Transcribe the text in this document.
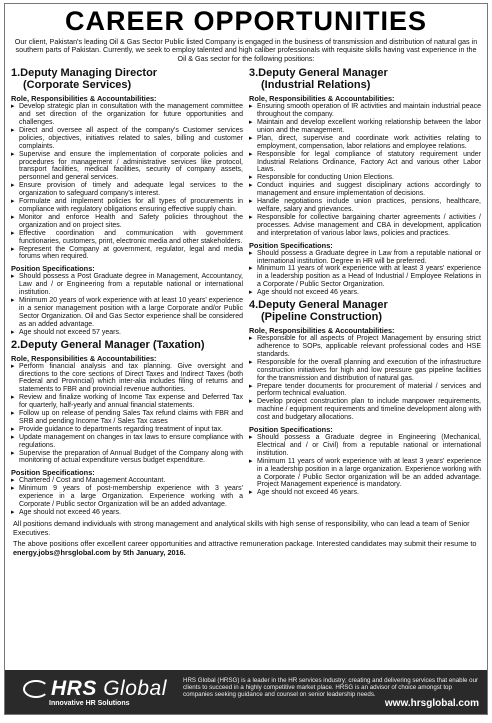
CAREER OPPORTUNITIES
Our client, Pakistan's leading Oil & Gas Sector Public listed Company is engaged in the business of transmission and distribution of natural gas in southern parts of Pakistan. Currently, we seek to employ talented and high caliber professionals with requisite skills having vast experience in the Oil & Gas sector for the following positions:
1.Deputy Managing Director
(Corporate Services)
Role, Responsibilities & Accountabilities:
▸ Develop strategic plan in consultation with the management committee and set direction of the organization for future opportunities and challenges.
▸ Direct and oversee all aspect of the company's Customer services policies, objectives, initiatives related to sales, billing and customer complaints.
▸ Supervise and ensure the implementation of corporate policies and procedures for management / administrative services like protocol, transport facilities, medical facilities, security of company assets, personnel and general services.
▸ Ensure provision of timely and adequate legal services to the organization to safeguard company's interest.
▸ Formulate and implement policies for all types of procurements in compliance with regulatory obligations ensuring effective supply chain.
▸ Monitor and enforce Health and Safety policies throughout the organization and on project sites.
▸ Effective coordination and communication with government functionaries, customers, print, electronic media and other stakeholders.
▸ Represent the Company at government, regulator, legal and media forums when required.
Position Specifications:
▸ Should possess a Post Graduate degree in Management, Accountancy, Law and / or Engineering from a reputable national or international institution.
▸ Minimum 20 years of work experience with at least 10 years' experience in a senior management position with a large Corporate and/or Public Sector Organization. Oil and Gas Sector experience shall be considered as an added advantage.
▸ Age should not exceed 57 years.
2.Deputy General Manager (Taxation)
Role, Responsibilities & Accountabilities:
▸ Perform financial analysis and tax planning. Give oversight and directions to the core sections of Direct Taxes and Indirect Taxes (both Federal and Provincial) which inter-alia includes filing of returns and statements to FBR and provincial revenue authorities.
▸ Review and finalize working of Income Tax expense and Deferred Tax for quarterly, half-yearly and annual financial statements.
▸ Follow up on release of pending Sales Tax refund claims with FBR and SRB and pending Income Tax / Sales Tax cases
▸ Provide guidance to departments regarding treatment of input tax.
▸ Update management on changes in tax laws to ensure compliance with regulations.
▸ Supervise the preparation of Annual Budget of the Company along with monitoring of actual expenditure versus budget expenditure.
Position Specifications:
▸ Chartered / Cost and Management Accountant.
▸ Minimum 9 years of post-membership experience with 3 years' experience in a large Organization. Experience working with a Corporate / Public sector Organization will be an added advantage.
▸ Age should not exceed 46 years.
3.Deputy General Manager
(Industrial Relations)
Role, Responsibilities & Accountabilities:
▸ Ensuring smooth operation of IR activities and maintain industrial peace throughout the company.
▸ Maintain and develop excellent working relationship between the labor union and the management.
▸ Plan, direct, supervise and coordinate work activities relating to employment, compensation, labor relations and employee relations.
▸ Responsible for legal compliance of statutory requirement under Industrial Relations Ordinance, Factory Act and various other Labor Laws.
▸ Responsible for conducting Union Elections.
▸ Conduct inquiries and suggest disciplinary actions accordingly to management and ensure implementation of decisions.
▸ Handle negotiations include union practices, pensions, healthcare, welfare, salary and grievances.
▸ Responsible for collective bargaining charter agreements / activities / processes. Advise management and CBA in development, application and interpretation of various labor laws, policies and practices.
Position Specifications:
▸ Should possess a Graduate degree in Law from a reputable national or international institution. Degree in HR will be preferred.
▸ Minimum 11 years of work experience with at least 3 years' experience in a leadership position as a Head of Industrial / Employee Relations in a Corporate / Public Sector Organization.
▸ Age should not exceed 46 years.
4.Deputy General Manager
(Pipeline Construction)
Role, Responsibilities & Accountabilities:
▸ Responsible for all aspects of Project Management by ensuring strict adherence to SOPs, applicable relevant professional codes and HSE standards.
▸ Responsible for the overall planning and execution of the infrastructure construction initiatives for high and low pressure gas pipeline facilities for the transmission and distribution of natural gas.
▸ Prepare tender documents for procurement of material / services and perform technical evaluation.
▸ Develop project construction plan to include manpower requirements, machine / equipment requirements and timeline development along with cost and budgetary allocations.
Position Specifications:
▸ Should possess a Graduate degree in Engineering (Mechanical, Electrical and / or Civil) from a reputable national or international institution.
▸ Minimum 11 years of work experience with at least 3 years' experience in a leadership position in a large organization. Experience working with a Corporate / Public Sector organization will be an added advantage. Project Management experience is mandatory.
▸ Age should not exceed 46 years.
All positions demand individuals with strong management and analytical skills with high sense of responsibility, who can lead a team of Senior Executives.
The above positions offer excellent career opportunities and attractive remuneration package. Interested candidates may submit their resume to energy.jobs@hrsglobal.com by 5th January, 2016.
HRS Global
Innovative HR Solutions
HRS Global (HRSG) is a leader in the HR services industry; creating and delivering services that enable our clients to succeed in a highly competitive market place. HRSG is an advisor of choice amongst top companies seeking guidance and counsel on senior leadership needs.
www.hrsglobal.com
